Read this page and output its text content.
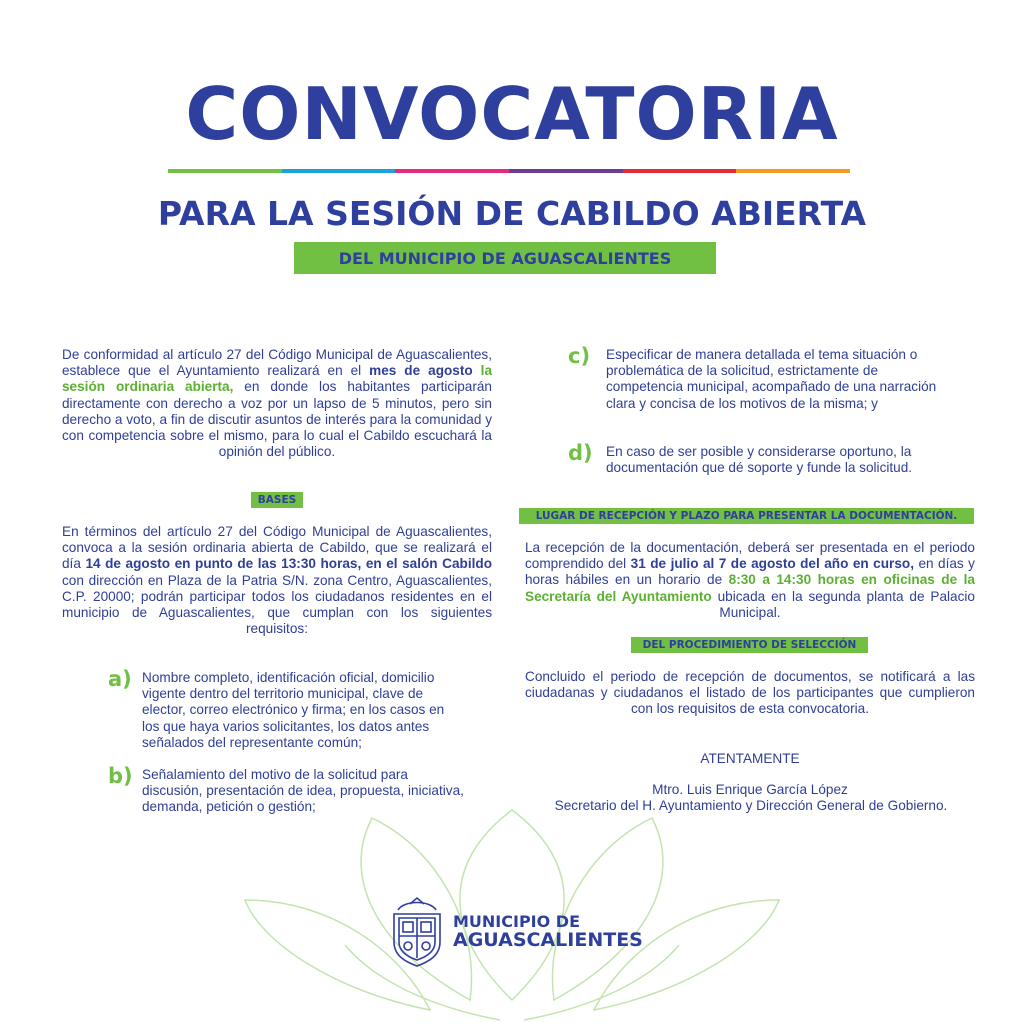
CONVOCATORIA
PARA LA SESIÓN DE CABILDO ABIERTA
DEL MUNICIPIO DE AGUASCALIENTES

De conformidad al artículo 27 del Código Municipal de Aguascalientes, establece que el Ayuntamiento realizará en el mes de agosto la sesión ordinaria abierta, en donde los habitantes participarán directamente con derecho a voz por un lapso de 5 minutos, pero sin derecho a voto, a fin de discutir asuntos de interés para la comunidad y con competencia sobre el mismo, para lo cual el Cabildo escuchará la opinión del público.

BASES

En términos del artículo 27 del Código Municipal de Aguascalientes, convoca a la sesión ordinaria abierta de Cabildo, que se realizará el día 14 de agosto en punto de las 13:30 horas, en el salón Cabildo con dirección en Plaza de la Patria S/N. zona Centro, Aguascalientes, C.P. 20000; podrán participar todos los ciudadanos residentes en el municipio de Aguascalientes, que cumplan con los siguientes requisitos:

a) Nombre completo, identificación oficial, domicilio vigente dentro del territorio municipal, clave de elector, correo electrónico y firma; en los casos en los que haya varios solicitantes, los datos antes señalados del representante común;

b) Señalamiento del motivo de la solicitud para discusión, presentación de idea, propuesta, iniciativa, demanda, petición o gestión;

c) Especificar de manera detallada el tema situación o problemática de la solicitud, estrictamente de competencia municipal, acompañado de una narración clara y concisa de los motivos de la misma; y

d) En caso de ser posible y considerarse oportuno, la documentación que dé soporte y funde la solicitud.

LUGAR DE RECEPCIÓN Y PLAZO PARA PRESENTAR LA DOCUMENTACIÓN.

La recepción de la documentación, deberá ser presentada en el periodo comprendido del 31 de julio al 7 de agosto del año en curso, en días y horas hábiles en un horario de 8:30 a 14:30 horas en oficinas de la Secretaría del Ayuntamiento ubicada en la segunda planta de Palacio Municipal.

DEL PROCEDIMIENTO DE SELECCIÓN

Concluido el periodo de recepción de documentos, se notificará a las ciudadanas y ciudadanos el listado de los participantes que cumplieron con los requisitos de esta convocatoria.

ATENTAMENTE

Mtro. Luis Enrique García López

Secretario del H. Ayuntamiento y Dirección General de Gobierno.

MUNICIPIO DE
AGUASCALIENTES
